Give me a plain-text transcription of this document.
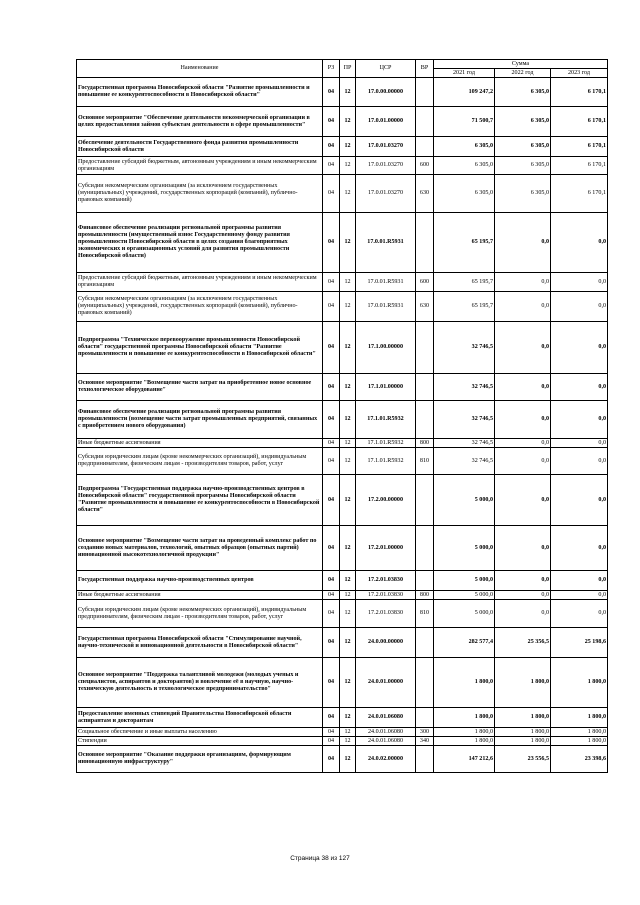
Наименование	РЗ	ПР	ЦСР	ВР	Сумма		
					2021 год	2022 год	2023 год
Государственная программа Новосибирской области "Развитие промышленности и повышение ее конкурентоспособности в Новосибирской области"	04	12	17.0.00.00000		109 247,2	6 305,0	6 170,1
Основное мероприятие "Обеспечение деятельности некоммерческой организации в целях предоставления займов субъектам деятельности в сфере промышленности"	04	12	17.0.01.00000		71 500,7	6 305,0	6 170,1
Обеспечение деятельности Государственного фонда развития промышленности Новосибирской области	04	12	17.0.01.03270		6 305,0	6 305,0	6 170,1
Предоставление субсидий бюджетным, автономным учреждениям и иным некоммерческим организациям	04	12	17.0.01.03270	600	6 305,0	6 305,0	6 170,1
Субсидии некоммерческим организациям (за исключением государственных (муниципальных) учреждений, государственных корпораций (компаний), публично-правовых компаний)	04	12	17.0.01.03270	630	6 305,0	6 305,0	6 170,1
Финансовое обеспечение реализации региональной программы развития промышленности (имущественный взнос Государственному фонду развития промышленности Новосибирской области в целях создания благоприятных экономических и организационных условий для развития промышленности Новосибирской области)	04	12	17.0.01.R5931		65 195,7	0,0	0,0
Предоставление субсидий бюджетным, автономным учреждениям и иным некоммерческим организациям	04	12	17.0.01.R5931	600	65 195,7	0,0	0,0
Субсидии некоммерческим организациям (за исключением государственных (муниципальных) учреждений, государственных корпораций (компаний), публично-правовых компаний)	04	12	17.0.01.R5931	630	65 195,7	0,0	0,0
Подпрограмма "Техническое перевооружение промышленности Новосибирской области" государственной программы Новосибирской области "Развитие промышленности и повышение ее конкурентоспособности в Новосибирской области"	04	12	17.1.00.00000		32 746,5	0,0	0,0
Основное мероприятие "Возмещение части затрат на приобретенное новое основное технологическое оборудование"	04	12	17.1.01.00000		32 746,5	0,0	0,0
Финансовое обеспечение реализации региональной программы развития промышленности (возмещение части затрат промышленных предприятий, связанных с приобретением нового оборудования)	04	12	17.1.01.R5932		32 746,5	0,0	0,0
Иные бюджетные ассигнования	04	12	17.1.01.R5932	800	32 746,5	0,0	0,0
Субсидии юридическим лицам (кроме некоммерческих организаций), индивидуальным предпринимателям, физическим лицам - производителям товаров, работ, услуг	04	12	17.1.01.R5932	810	32 746,5	0,0	0,0
Подпрограмма "Государственная поддержка научно-производственных центров в Новосибирской области" государственной программы Новосибирской области "Развитие промышленности и повышение ее конкурентоспособности в Новосибирской области"	04	12	17.2.00.00000		5 000,0	0,0	0,0
Основное мероприятие "Возмещение части затрат на проведенный комплекс работ по созданию новых материалов, технологий, опытных образцов (опытных партий) инновационной высокотехнологичной продукции"	04	12	17.2.01.00000		5 000,0	0,0	0,0
Государственная поддержка научно-производственных центров	04	12	17.2.01.03830		5 000,0	0,0	0,0
Иные бюджетные ассигнования	04	12	17.2.01.03830	800	5 000,0	0,0	0,0
Субсидии юридическим лицам (кроме некоммерческих организаций), индивидуальным предпринимателям, физическим лицам - производителям товаров, работ, услуг	04	12	17.2.01.03830	810	5 000,0	0,0	0,0
Государственная программа Новосибирской области "Стимулирование научной, научно-технической и инновационной деятельности в Новосибирской области"	04	12	24.0.00.00000		282 577,4	25 356,5	25 198,6
Основное мероприятие "Поддержка талантливой молодежи (молодых ученых и специалистов, аспирантов и докторантов) и вовлечение её в научную, научно-техническую деятельность и технологическое предпринимательство"	04	12	24.0.01.00000		1 800,0	1 800,0	1 800,0
Предоставление именных стипендий Правительства Новосибирской области аспирантам и докторантам	04	12	24.0.01.06080		1 800,0	1 800,0	1 800,0
Социальное обеспечение и иные выплаты населению	04	12	24.0.01.06080	300	1 800,0	1 800,0	1 800,0
Стипендии	04	12	24.0.01.06080	340	1 800,0	1 800,0	1 800,0
Основное мероприятие "Оказание поддержки организациям, формирующим инновационную инфраструктуру"	04	12	24.0.02.00000		147 212,6	23 556,5	23 398,6
Страница 38 из 127
